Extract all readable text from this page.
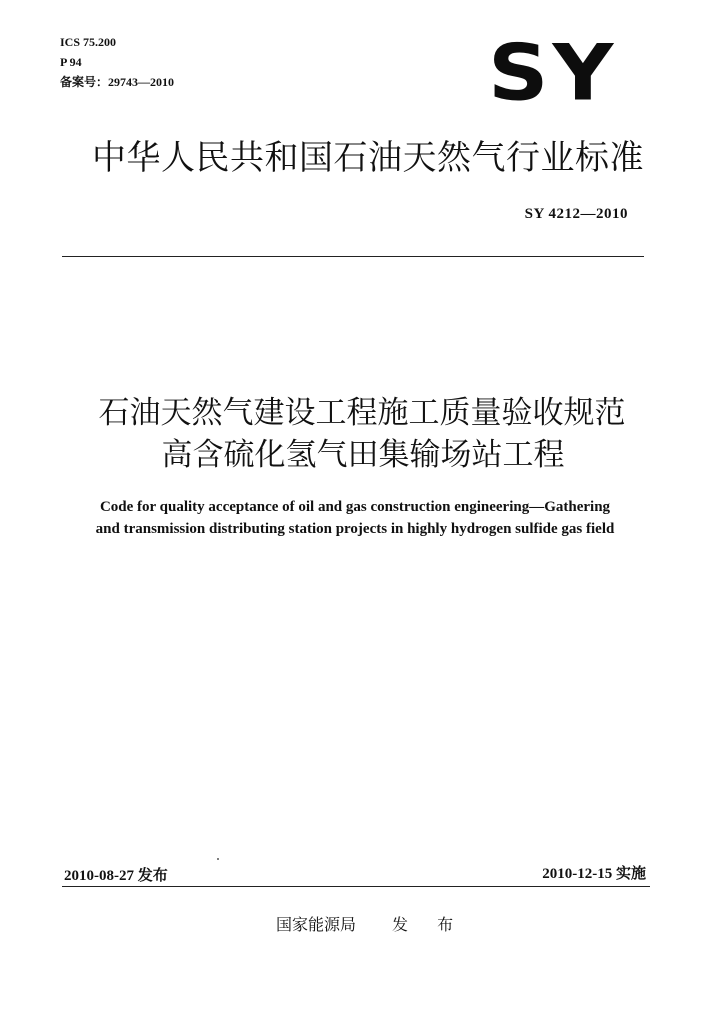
ICS 75.200
P 94
备案号：29743—2010	SY
中华人民共和国石油天然气行业标准
SY 4212—2010
石油天然气建设工程施工质量验收规范
高含硫化氢气田集输场站工程
Code for quality acceptance of oil and gas construction engineering—Gathering
and transmission distributing station projects in highly hydrogen sulfide gas field
2010-08-27 发布	2010-12-15 实施
国家能源局 发 布
